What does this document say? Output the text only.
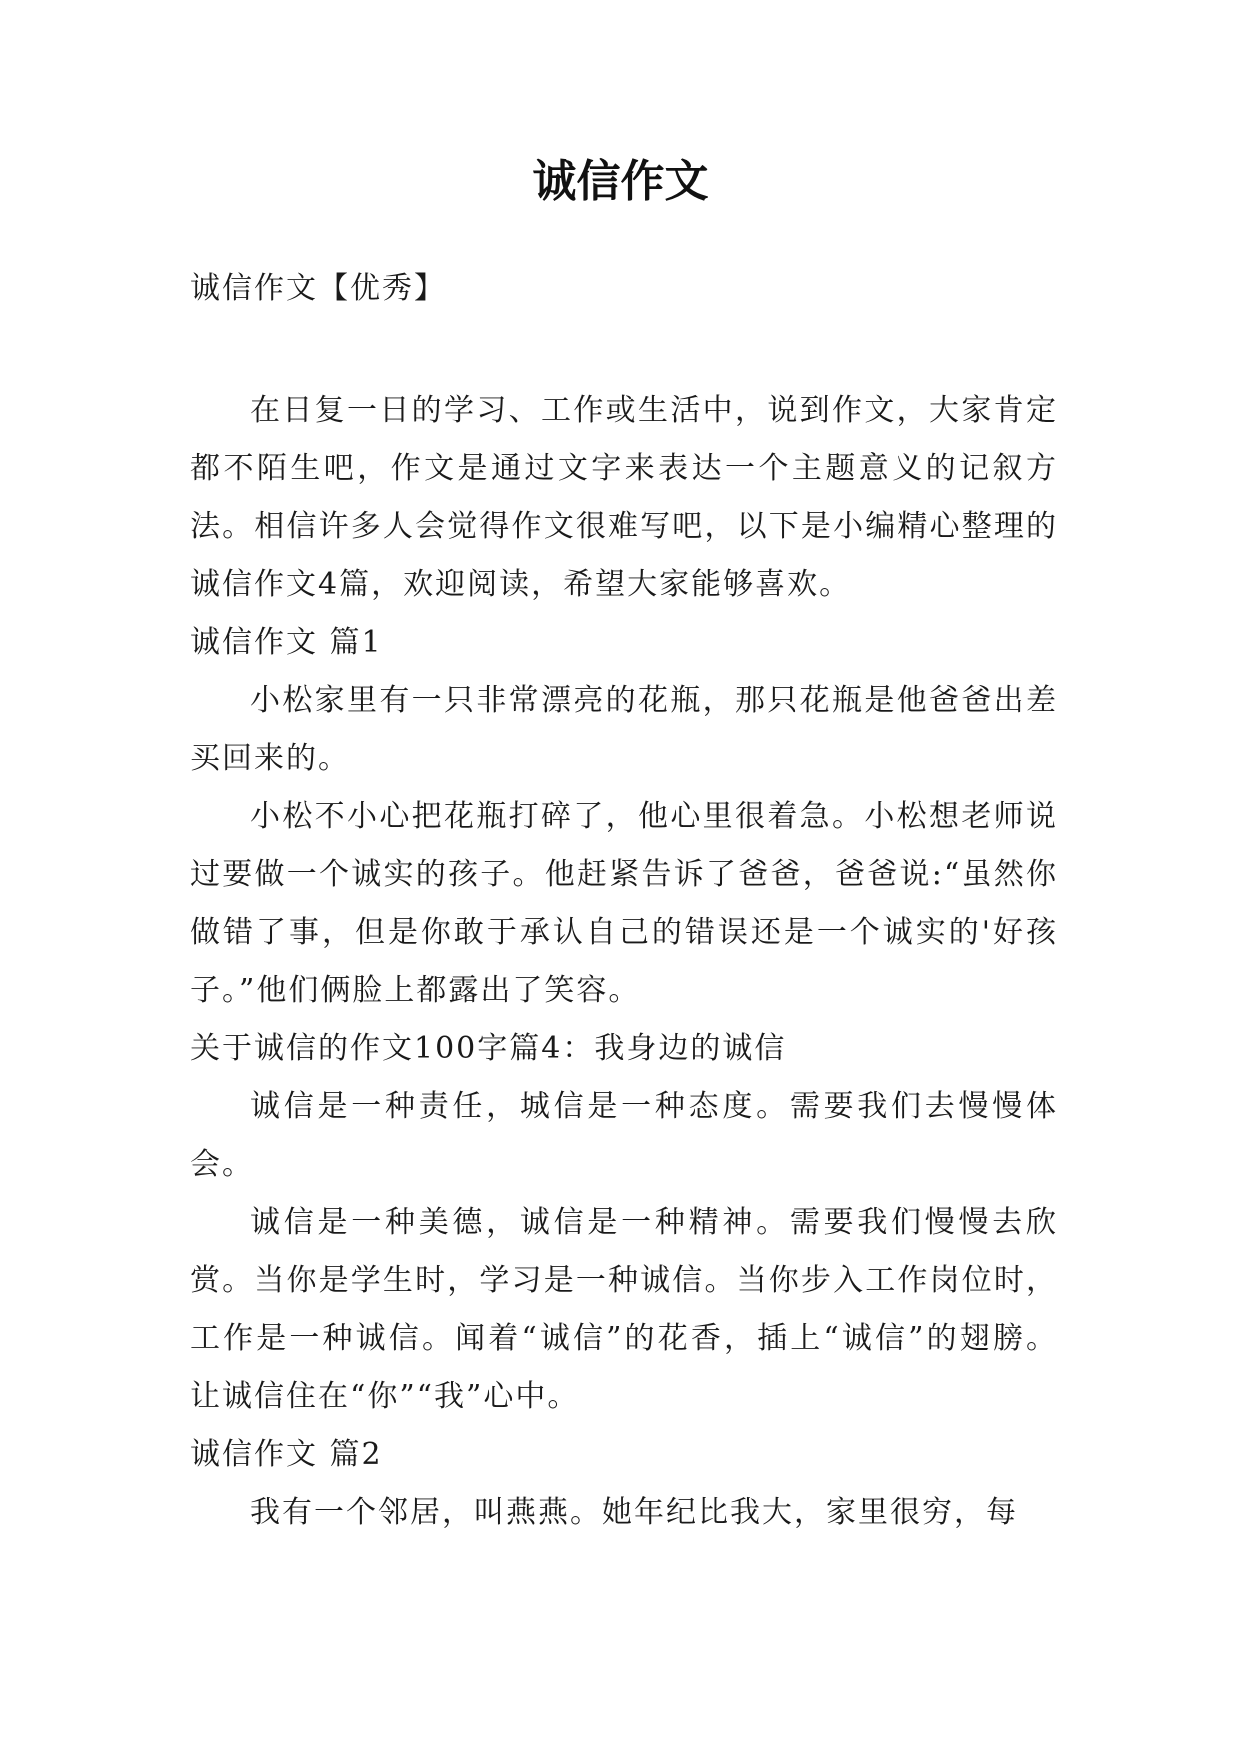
诚信作文

诚信作文【优秀】

在日复一日的学习、工作或生活中，说到作文，大家肯定都不陌生吧，作文是通过文字来表达一个主题意义的记叙方法。相信许多人会觉得作文很难写吧，以下是小编精心整理的诚信作文4篇，欢迎阅读，希望大家能够喜欢。

诚信作文 篇1

小松家里有一只非常漂亮的花瓶，那只花瓶是他爸爸出差买回来的。

小松不小心把花瓶打碎了，他心里很着急。小松想老师说过要做一个诚实的孩子。他赶紧告诉了爸爸，爸爸说:“虽然你做错了事，但是你敢于承认自己的错误还是一个诚实的'好孩子。”他们俩脸上都露出了笑容。

关于诚信的作文100字篇4：我身边的诚信

诚信是一种责任，城信是一种态度。需要我们去慢慢体会。

诚信是一种美德，诚信是一种精神。需要我们慢慢去欣赏。当你是学生时，学习是一种诚信。当你步入工作岗位时，工作是一种诚信。闻着“诚信”的花香，插上“诚信”的翅膀。让诚信住在“你”“我”心中。

诚信作文 篇2

我有一个邻居，叫燕燕。她年纪比我大，家里很穷，每
